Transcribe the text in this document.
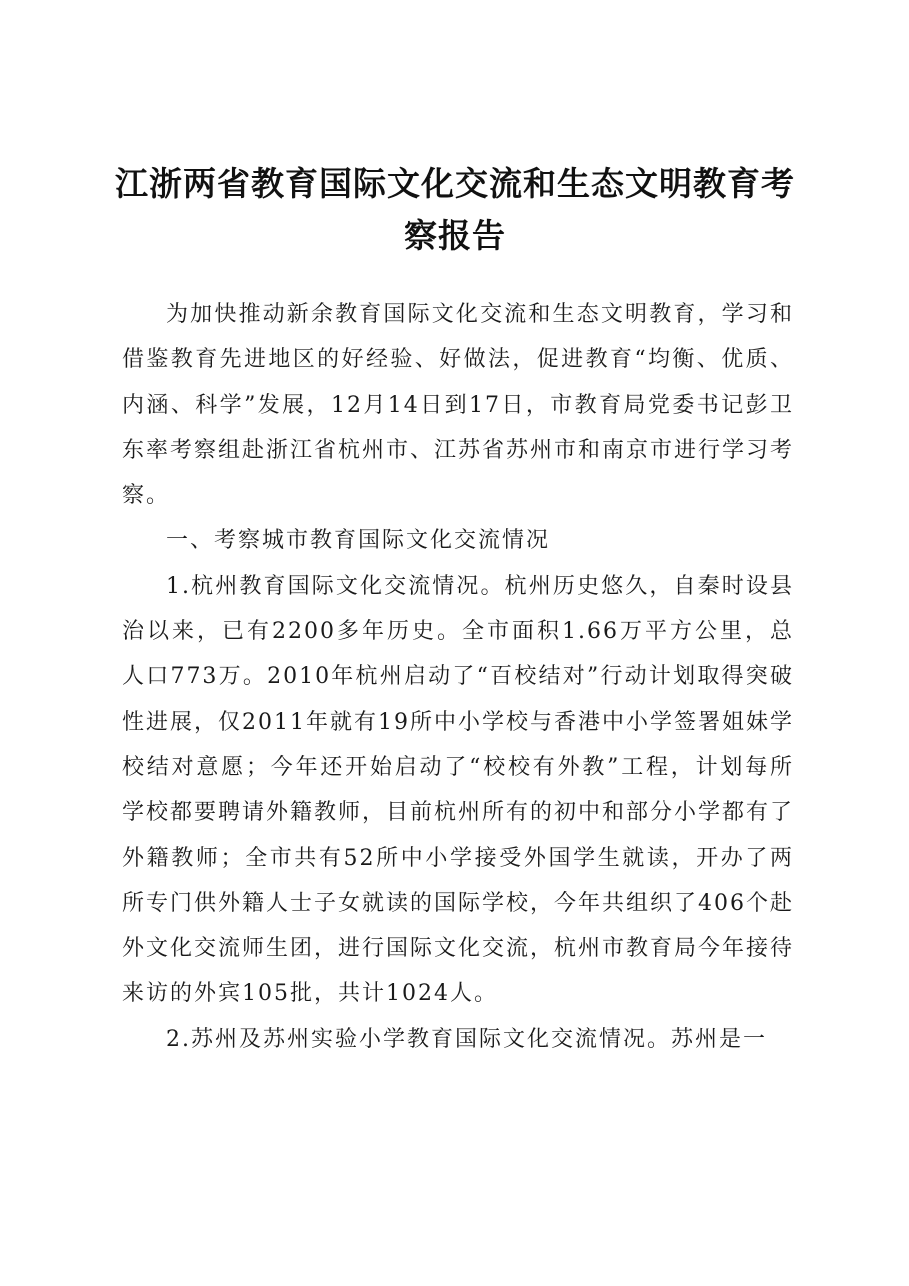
江浙两省教育国际文化交流和生态文明教育考察报告

为加快推动新余教育国际文化交流和生态文明教育，学习和借鉴教育先进地区的好经验、好做法，促进教育“均衡、优质、内涵、科学”发展，12月14日到17日，市教育局党委书记彭卫东率考察组赴浙江省杭州市、江苏省苏州市和南京市进行学习考察。

一、考察城市教育国际文化交流情况

1.杭州教育国际文化交流情况。杭州历史悠久，自秦时设县治以来，已有2200多年历史。全市面积1.66万平方公里，总人口773万。2010年杭州启动了“百校结对”行动计划取得突破性进展，仅2011年就有19所中小学校与香港中小学签署姐妹学校结对意愿；今年还开始启动了“校校有外教”工程，计划每所学校都要聘请外籍教师，目前杭州所有的初中和部分小学都有了外籍教师；全市共有52所中小学接受外国学生就读，开办了两所专门供外籍人士子女就读的国际学校，今年共组织了406个赴外文化交流师生团，进行国际文化交流，杭州市教育局今年接待来访的外宾105批，共计1024人。

2.苏州及苏州实验小学教育国际文化交流情况。苏州是一
